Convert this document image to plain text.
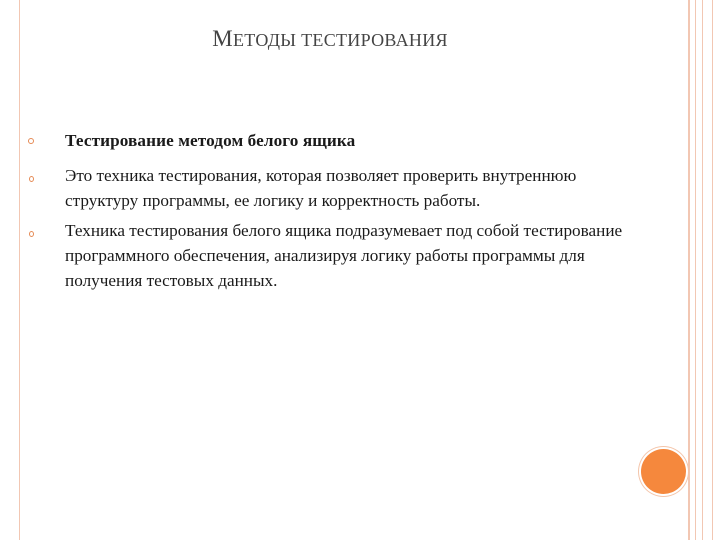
МЕТОДЫ ТЕСТИРОВАНИЯ
Тестирование методом белого ящика
Это техника тестирования, которая позволяет проверить внутреннюю структуру программы, ее логику и корректность работы.
Техника тестирования белого ящика подразумевает под собой тестирование программного обеспечения, анализируя логику работы программы для получения тестовых данных.
